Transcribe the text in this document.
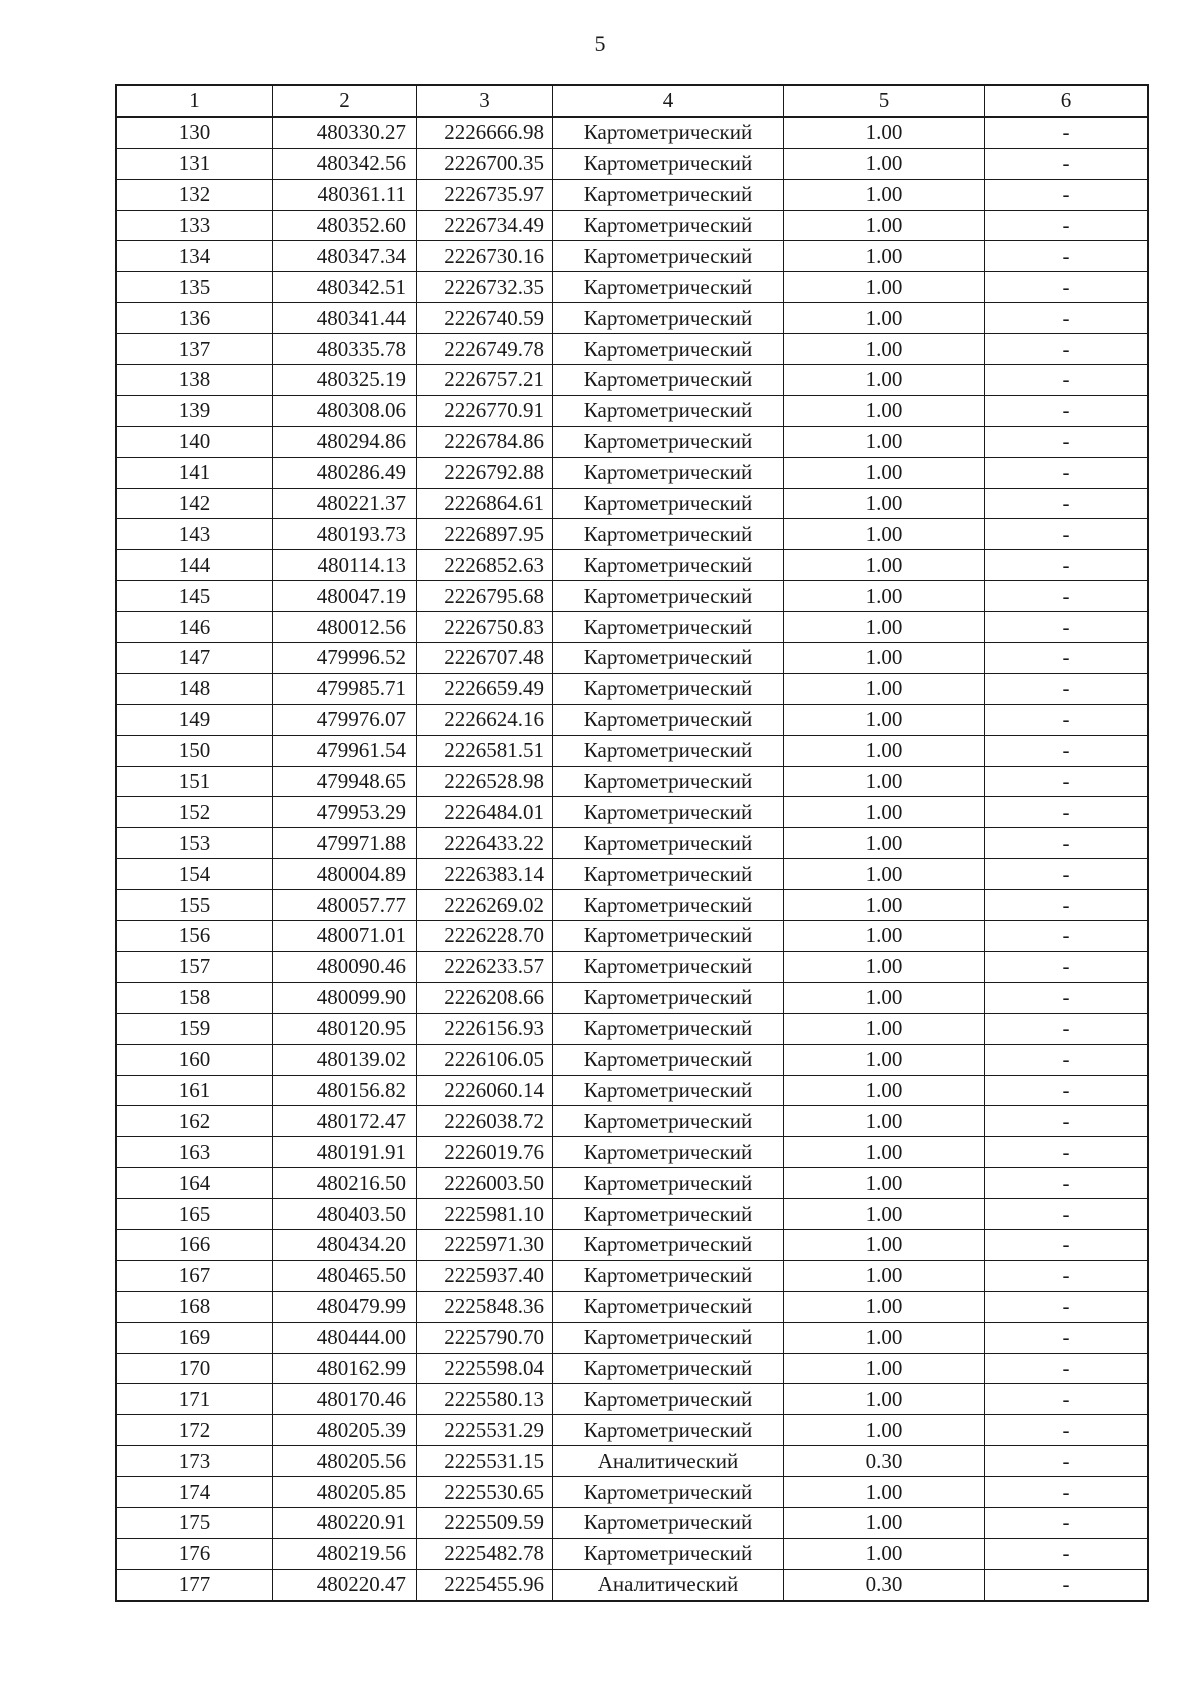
5
1	2	3	4	5	6
130	480330.27	2226666.98	Картометрический	1.00	-
131	480342.56	2226700.35	Картометрический	1.00	-
132	480361.11	2226735.97	Картометрический	1.00	-
133	480352.60	2226734.49	Картометрический	1.00	-
134	480347.34	2226730.16	Картометрический	1.00	-
135	480342.51	2226732.35	Картометрический	1.00	-
136	480341.44	2226740.59	Картометрический	1.00	-
137	480335.78	2226749.78	Картометрический	1.00	-
138	480325.19	2226757.21	Картометрический	1.00	-
139	480308.06	2226770.91	Картометрический	1.00	-
140	480294.86	2226784.86	Картометрический	1.00	-
141	480286.49	2226792.88	Картометрический	1.00	-
142	480221.37	2226864.61	Картометрический	1.00	-
143	480193.73	2226897.95	Картометрический	1.00	-
144	480114.13	2226852.63	Картометрический	1.00	-
145	480047.19	2226795.68	Картометрический	1.00	-
146	480012.56	2226750.83	Картометрический	1.00	-
147	479996.52	2226707.48	Картометрический	1.00	-
148	479985.71	2226659.49	Картометрический	1.00	-
149	479976.07	2226624.16	Картометрический	1.00	-
150	479961.54	2226581.51	Картометрический	1.00	-
151	479948.65	2226528.98	Картометрический	1.00	-
152	479953.29	2226484.01	Картометрический	1.00	-
153	479971.88	2226433.22	Картометрический	1.00	-
154	480004.89	2226383.14	Картометрический	1.00	-
155	480057.77	2226269.02	Картометрический	1.00	-
156	480071.01	2226228.70	Картометрический	1.00	-
157	480090.46	2226233.57	Картометрический	1.00	-
158	480099.90	2226208.66	Картометрический	1.00	-
159	480120.95	2226156.93	Картометрический	1.00	-
160	480139.02	2226106.05	Картометрический	1.00	-
161	480156.82	2226060.14	Картометрический	1.00	-
162	480172.47	2226038.72	Картометрический	1.00	-
163	480191.91	2226019.76	Картометрический	1.00	-
164	480216.50	2226003.50	Картометрический	1.00	-
165	480403.50	2225981.10	Картометрический	1.00	-
166	480434.20	2225971.30	Картометрический	1.00	-
167	480465.50	2225937.40	Картометрический	1.00	-
168	480479.99	2225848.36	Картометрический	1.00	-
169	480444.00	2225790.70	Картометрический	1.00	-
170	480162.99	2225598.04	Картометрический	1.00	-
171	480170.46	2225580.13	Картометрический	1.00	-
172	480205.39	2225531.29	Картометрический	1.00	-
173	480205.56	2225531.15	Аналитический	0.30	-
174	480205.85	2225530.65	Картометрический	1.00	-
175	480220.91	2225509.59	Картометрический	1.00	-
176	480219.56	2225482.78	Картометрический	1.00	-
177	480220.47	2225455.96	Аналитический	0.30	-
